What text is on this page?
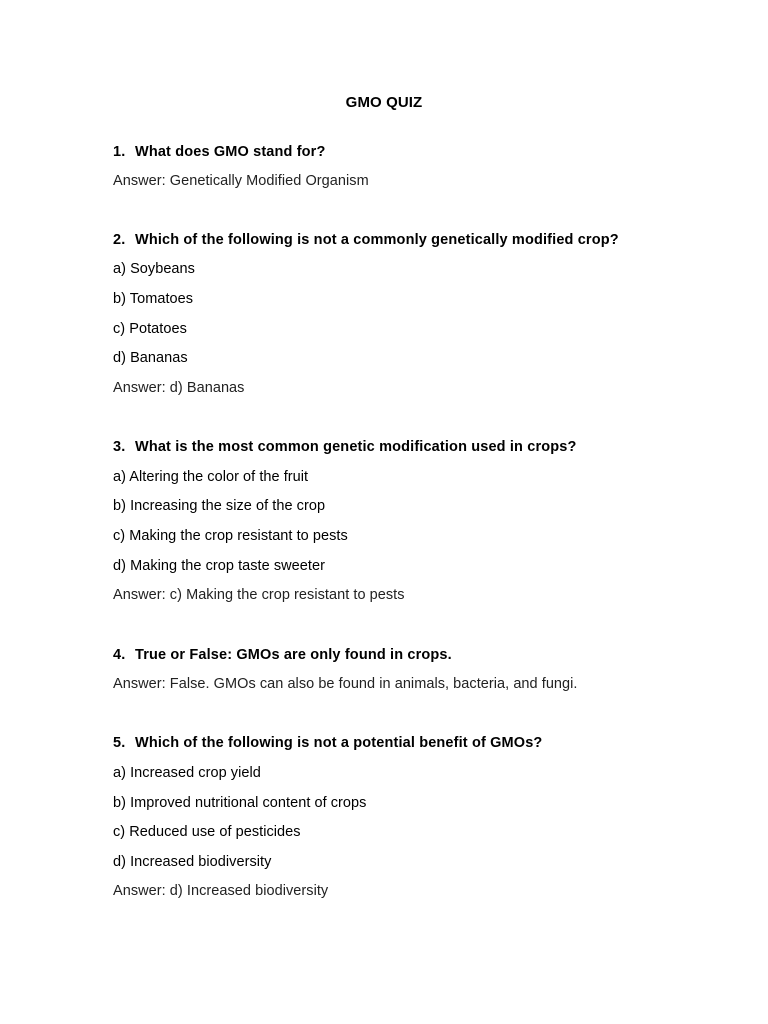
GMO QUIZ
1. What does GMO stand for?
Answer: Genetically Modified Organism
2. Which of the following is not a commonly genetically modified crop?
a) Soybeans
b) Tomatoes
c) Potatoes
d) Bananas
Answer: d) Bananas
3. What is the most common genetic modification used in crops?
a) Altering the color of the fruit
b) Increasing the size of the crop
c) Making the crop resistant to pests
d) Making the crop taste sweeter
Answer: c) Making the crop resistant to pests
4. True or False: GMOs are only found in crops.
Answer: False. GMOs can also be found in animals, bacteria, and fungi.
5. Which of the following is not a potential benefit of GMOs?
a) Increased crop yield
b) Improved nutritional content of crops
c) Reduced use of pesticides
d) Increased biodiversity
Answer: d) Increased biodiversity
